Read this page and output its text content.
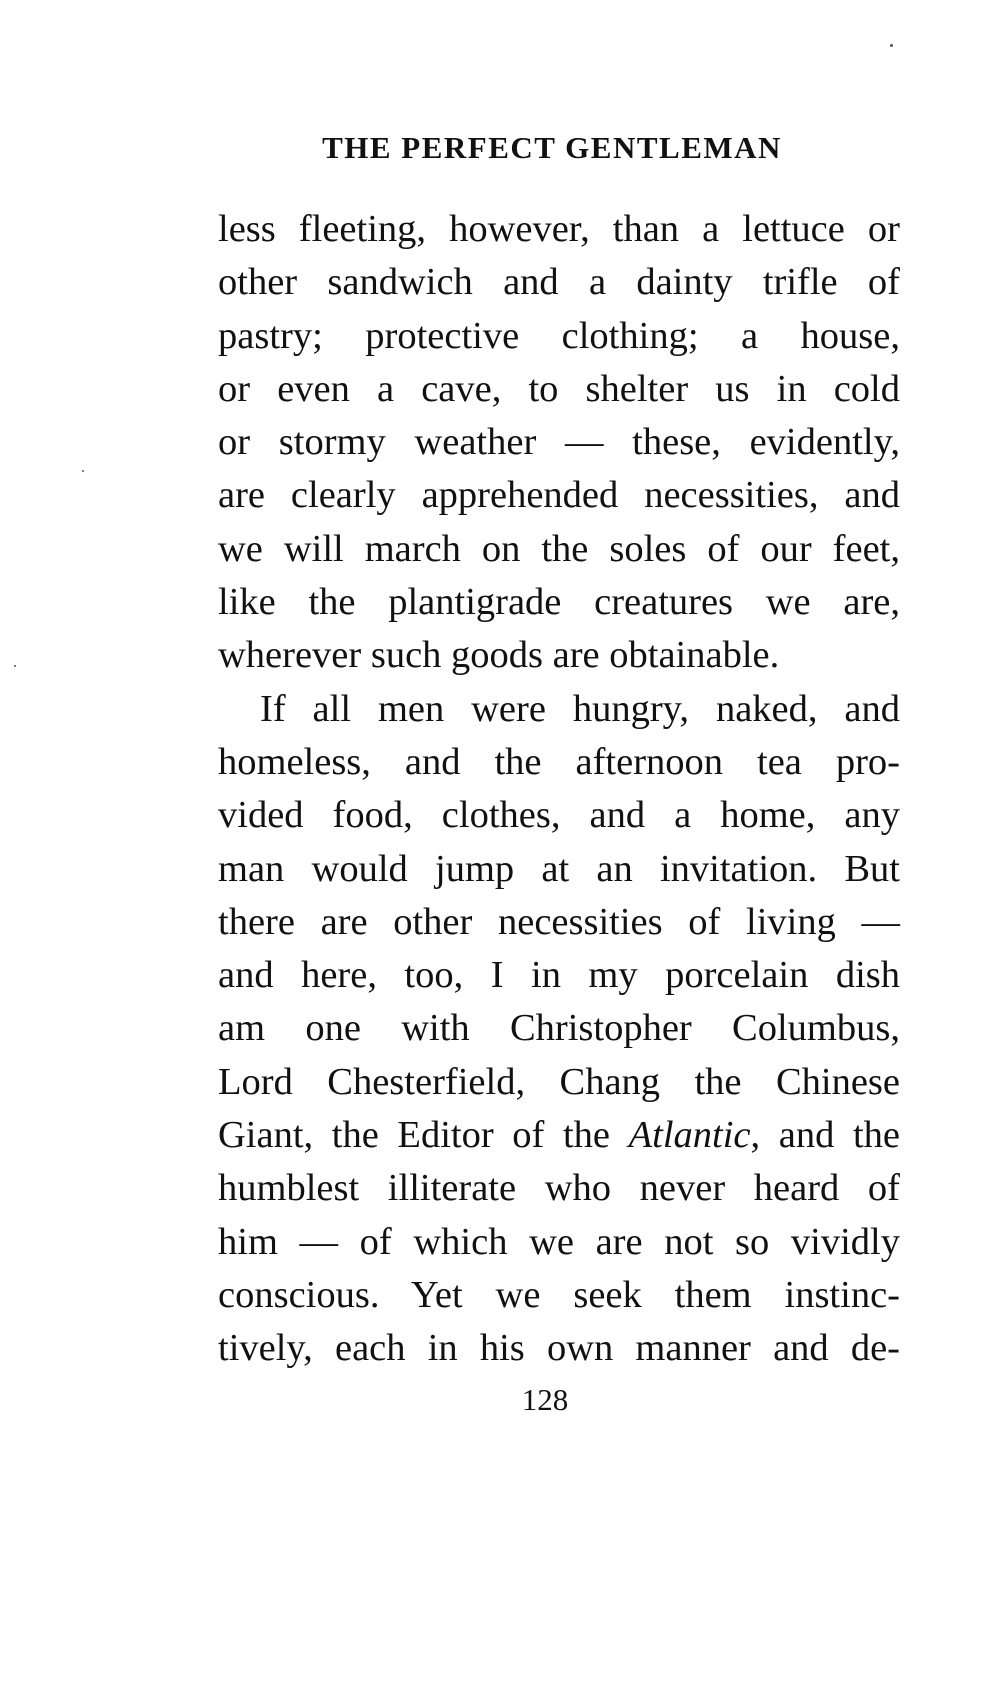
THE PERFECT GENTLEMAN
less fleeting, however, than a lettuce or
other sandwich and a dainty trifle of
pastry; protective clothing; a house,
or even a cave, to shelter us in cold
or stormy weather — these, evidently,
are clearly apprehended necessities, and
we will march on the soles of our feet,
like the plantigrade creatures we are,
wherever such goods are obtainable.
If all men were hungry, naked, and
homeless, and the afternoon tea pro-
vided food, clothes, and a home, any
man would jump at an invitation. But
there are other necessities of living —
and here, too, I in my porcelain dish
am one with Christopher Columbus,
Lord Chesterfield, Chang the Chinese
Giant, the Editor of the Atlantic, and the
humblest illiterate who never heard of
him — of which we are not so vividly
conscious. Yet we seek them instinc-
tively, each in his own manner and de-
128
